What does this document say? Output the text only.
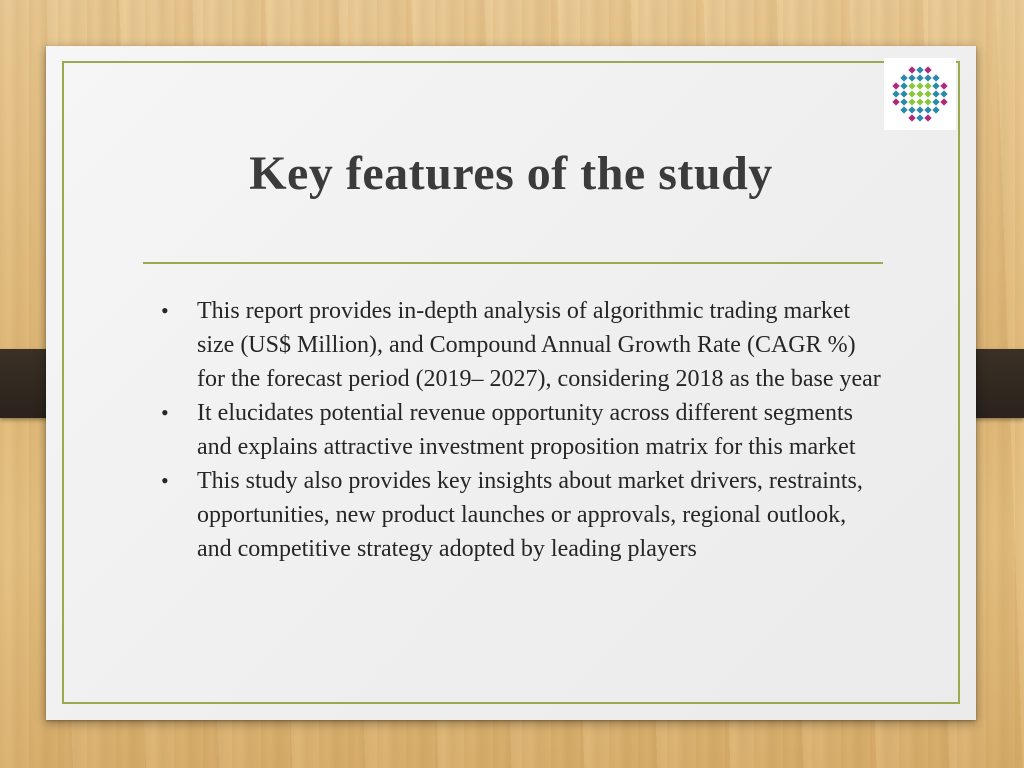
Key features of the study
• This report provides in-depth analysis of algorithmic trading market size (US$ Million), and Compound Annual Growth Rate (CAGR %) for the forecast period (2019– 2027), considering 2018 as the base year
• It elucidates potential revenue opportunity across different segments and explains attractive investment proposition matrix for this market
• This study also provides key insights about market drivers, restraints, opportunities, new product launches or approvals, regional outlook, and competitive strategy adopted by leading players
